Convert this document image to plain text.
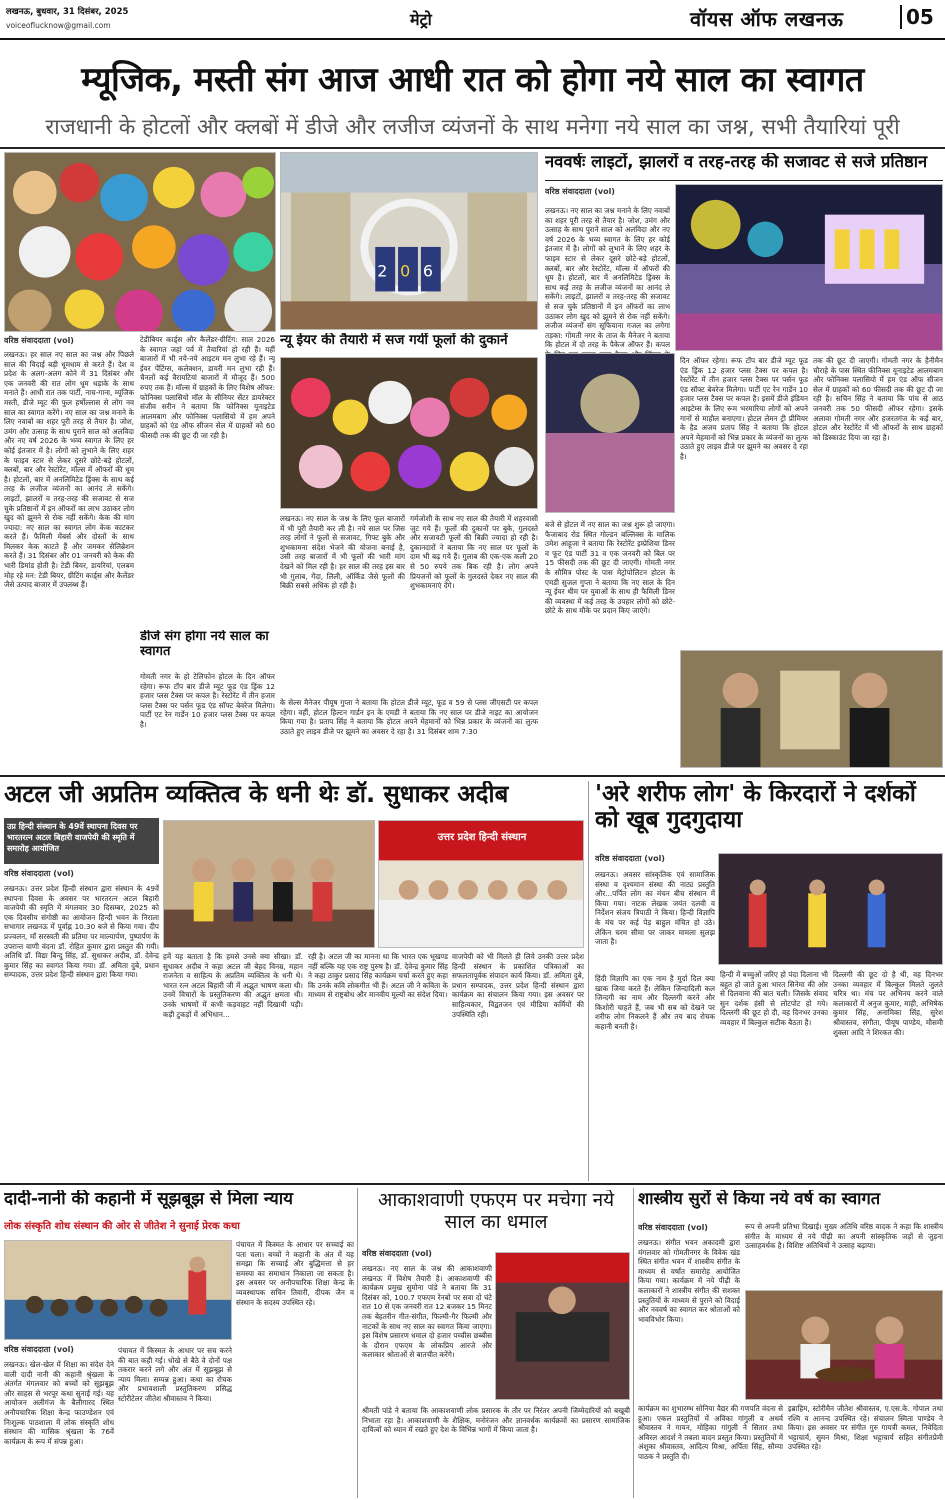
लखनऊ, बुधवार, 31 दिसंबर, 2025
voiceoflucknow@gmail.com	मेट्रो	वॉयस ऑफ लखनऊ	05
म्यूजिक, मस्ती संग आज आधी रात को होगा नये साल का स्वागत
राजधानी के होटलों और क्लबों में डीजे और लजीज व्यंजनों के साथ मनेगा नये साल का जश्न, सभी तैयारियां पूरी
2 0 6
नववर्षः लाइटों, झालरों व तरह-तरह की सजावट से सजे प्रतिष्ठान
वरिष्ठ संवाददाता (vol)
लखनऊ। नए साल का जश्न मनाने के लिए नवाबों का शहर पूरी तरह से तैयार है। जोश, उमंग और उत्साह के साथ पुराने साल को अलविदा और नए वर्ष 2026 के भव्य स्वागत के लिए हर कोई इंतजार में है। लोगों को लुभाने के लिए शहर के फाइव स्टार से लेकर दूसरे छोटे-बड़े होटलों, क्लबों, बार और रेस्टोरेंट, मॉल्स में ऑफरों की धूम है। होटलों, बार में अनलिमिटेड ड्रिंक्स के साथ कई तरह के लजीज व्यंजनों का आनंद ले सकेंगे। लाइटों, झालरों व तरह-तरह की सजावट से सज चुके प्रतिष्ठानों में इन ऑफरों का लाभ उठाकर लोग खुद को झूमने से रोक नहीं सकेंगे। लजीज व्यंजनों संग सूफियाना गजल का लगेगा तड़का: गोमती नगर के ताज के मैनेजर ने बताया कि होटल में दो तरह के पैकेज ऑफर हैं। कपल
दिन ऑफर रहेगा। रूफ टॉप बार डीजे म्यूट फूड एंड ड्रिंक 12 हजार प्लस टैक्स पर कपल है। रेस्टोरेंट में तीन हजार प्लस टैक्स पर पर्सन फूड एंड सॉफ्ट बेवरेज मिलेगा। पार्टी एट रेन गार्डेन 10 हजार प्लस टैक्स पर कपल है। इसमें डीजे इंडियन आइटेम्स के लिए रूम भरमारिया लोगों को अपने गानों से माहौल बनाएगा। होटल लेमन ट्री प्रीमियर के हैड अजय प्रताप सिंह ने बताया कि होटल अपने मेहमानों को भिन्न प्रकार के व्यंजनों का लुत्फ उठाते हुए लाइव डीजे पर झूमने का अवसर दे रहा है।
तक की छूट दी जाएगी। गोमती नगर के हैनीमैन चौराहे के पास स्थित फीनिक्स यूनाइटेड आलमबाग और फोनिक्स पलासियो में हम एंड ऑफ सीजन सेल में ग्राहकों को 60 फीसदी तक की छूट दी जा रही है। सचिन सिंह ने बताया कि पांच से आठ जनवरी तक 50 फीसदी ऑफर रहेगा। इसके अलावा गोमती नगर और हजरतगंज के कई बार, होटल और रेस्टोरेंट में भी ऑफरों के साथ ग्राहकों को डिस्काउंट दिया जा रहा है।
वरिष्ठ संवाददाता (vol)
लखनऊ। हर साल नए साल का जश्न और पिछले साल की विदाई बड़ी धूमधाम से करते हैं। देश व प्रदेश के अलग-अलग कोने में 31 दिसंबर और एक जनवरी की रात लोग धूम धड़ाके के साथ मनाते हैं। आधी रात तक पार्टी, नाच-गाना, म्यूजिक मस्ती, डीजे म्यूट की फुल हर्षोल्लास से लोग नव साल का स्वागत करेंगे। नए साल का जश्न मनाने के लिए नवाबों का शहर पूरी तरह से तैयार है। जोश, उमंग और उत्साह के साथ पुराने साल को अलविदा और नए वर्ष 2026 के भव्य स्वागत के लिए हर कोई इंतजार में है। लोगों को लुभाने के लिए शहर के फाइव स्टार से लेकर दूसरे छोटे-बड़े होटलों, क्लबों, बार और रेस्टोरेंट, मॉल्स में ऑफरों की धूम है। होटलों, बार में अनलिमिटेड ड्रिंक्स के साथ कई तरह के लजीज व्यंजनों का आनंद ले सकेंगे। लाइटों, झालरों व तरह-तरह की सजावट से सज चुके प्रतिष्ठानों में इन ऑफरों का लाभ उठाकर लोग खुद को झूमने से रोक नहीं सकेंगे। केक की मांग ज्यादा: नए साल का स्वागत लोग केक काटकर करते हैं। फैमिली मेंबर्स और दोस्तों के साथ मिलकर केक काटते हैं और जमकर सेलिब्रेशन करते हैं। 31 दिसंबर और 01 जनवरी को केक की भारी डिमांड होती है। टेडी बियर, डायरियां, एलबम मोह रहे मन: टेडी बियर, ग्रीटिंग कार्ड्स और कैलेंडर जैसे उत्पाद बाजार में उपलब्ध हैं।
टेडीबियर कार्ड्स और कैलेंडर-ग्रीटिंग: साल 2026 के स्वागत जहां पर्व में तैयारियां हो रही हैं। यहीं बाजारों में भी नये-नये आइटम मन लुभा रहे हैं। न्यू ईयर पेंटिंग्स, कलेक्शन, डायरी मन लुभा रही हैं। चैनलों कई वैरायटियां बाजारों में मौजूद हैं। 500 रुपए तक हैं। मॉल्स में ग्राहकों के लिए विशेष ऑफर: फोनिक्स पलासियो मॉल के सीनियर सेंटर डायरेक्टर संजीव सरीन ने बताया कि फोनिक्स यूनाइटेड आलमबाग और फोनिक्स पलासियो में हम अपने ग्राहकों को एंड ऑफ सीजन सेल में ग्राहकों को 60 फीसदी तक की छूट दी जा रही है।
डीजे संग होगा नये साल का स्वागत
गोमती नगर के हो टेलिफोन होटल के दिन ऑफर रहेगा। रूफ टॉप बार डीजे म्यूट फूड एंड ड्रिंक 12 हजार प्लस टैक्स पर कपल है। रेस्टोरेंट में तीन हजार प्लस टैक्स पर पर्सन फूड एंड सॉफ्ट बेवरेज मिलेगा। पार्टी एट रेन गार्डेन 10 हजार प्लस टैक्स पर कपल है।
न्यू ईयर की तैयारी में सज गयीं फूलों की दुकानें
लखनऊ। नए साल के जश्न के लिए फूल बाजारों में भी पूरी तैयारी कर ली है। नये साल पर जिस तरह लोगों ने फूलों से सजावट, गिफ्ट बुके और शुभकामना संदेश भेजने की योजना बनाई है, उसी तरह बाजारों में भी फूलों की भारी मांग देखने को मिल रही है। हर साल की तरह इस बार भी गुलाब, गेंदा, लिली, ऑर्किड जैसे फूलों की बिक्री सबसे अधिक हो रही है।
गर्मजोशी के साथ नए साल की तैयारी में शहरवासी जुट गये हैं। फूलों की दुकानों पर बुके, गुलदस्ते और सजावटी फूलों की बिक्री ज्यादा हो रही है। दुकानदारों ने बताया कि नए साल पर फूलों के दाम भी बढ़ गये हैं। गुलाब की एक-एक कली 20 से 50 रुपये तक बिक रही है। लोग अपने प्रियजनों को फूलों के गुलदस्ते देकर नए साल की शुभकामनाएं देंगे।
के सेल्स मैनेजर पीयूष गुप्ता ने बताया कि होटल डीजे म्यूट, फूड व 59 से प्लस जीएसटी पर कपल रहेगा। वहीं, होटल हिल्टन गार्डन इन के एमडी ने बताया कि नए साल पर डीजे नाइट का आयोजन किया गया है। प्रताप सिंह ने बताया कि होटल अपने मेहमानों को भिन्न प्रकार के व्यंजनों का लुत्फ उठाते हुए लाइव डीजे पर झूमने का अवसर दे रहा है। 31 दिसंबर शाम 7:30
बजे से होटल में नए साल का जश्न शुरू हो जाएगा। फैजाबाद रोड स्थित गोल्डन बल्लिक्स के मालिक उमेश आहूजा ने बताया कि रेस्टोरेंट इम्प्रेशिया डिनर व फूट एंड पार्टी 31 व एक जनवरी को बिल पर 15 फीसदी तक की छूट दी जाएगी। गोमती नगर के सौमित्र पोस्ट के पास मेट्रोपोलिटन होटल के एमडी सुजल गुप्ता ने बताया कि नए साल के दिन न्यू ईयर थीम पर युवाओं के साथ ही फैमिली डिनर की व्यवस्था में कई तरह के उपहार लोगों को छोटे-छोटे के साथ मौके पर प्रदान किए जाएंगे।
अटल जी अप्रतिम व्यक्तित्व के धनी थेः डॉ. सुधाकर अदीब
उप्र हिन्दी संस्थान के 49वें स्थापना दिवस पर भारतरत्न अटल बिहारी वाजपेयी की स्मृति में समारोह आयोजित
वरिष्ठ संवाददाता (vol)
लखनऊ। उत्तर प्रदेश हिन्दी संस्थान द्वारा संस्थान के 49वें स्थापना दिवस के अवसर पर भारतरत्न अटल बिहारी वाजपेयी की स्मृति में मंगलवार 30 दिसम्बर, 2025 को एक दिवसीय संगोष्ठी का आयोजन हिन्दी भवन के निराला सभागार लखनऊ में पूर्वाह्न 10.30 बजे से किया गया। दीप प्रज्वलन, माँ सरस्वती की प्रतिमा पर माल्यार्पण, पुष्पार्पण के उपरान्त वाणी वंदना डॉ. रोहित कुमार द्वारा प्रस्तुत की गयी। अतिथि डॉ. विद्या बिन्दु सिंह, डॉ. सुधाकर अदीब, डॉ. देवेन्द्र कुमार सिंह का स्वागत किया गया। डॉ. अमिता दुबे, प्रधान सम्पादक, उत्तर प्रदेश हिन्दी संस्थान द्वारा किया गया।
उत्तर प्रदेश हिन्दी संस्थान
हमें यह बताता है कि हमसे उनसे क्या सीखा। डॉ. सुधाकर अदीब ने कहा अटल जी बेहद विनम्र, महान राजनेता व साहित्य के अप्रतिम व्यक्तित्व के धनी थे। भारत रत्न अटल बिहारी जी में अद्भुत भाषण कला थी। उनमें विचारों के प्रस्तुतिकरण की अद्भुत क्षमता थी। उनके भाषणों में कभी कड़वाहट नहीं दिखायी पड़ी। कड़ी टुकड़ों में अभिधान...
रही है। अटल जी का मानना था कि भारत एक भूखण्ड नहीं बल्कि यह एक राष्ट्र पुरुष है। डॉ. देवेन्द्र कुमार सिंह ने कहा ठाकुर प्रसाद सिंह कार्यक्रम चर्चा करते हुए कहा कि उनके कवि लोकगीत भी हैं। अटल जी ने कविता के माध्यम से राष्ट्रबोध और मानवीय मूल्यों का संदेश दिया।
वाजपेयी को भी मिलते ही लिये उनकी उत्तर प्रदेश हिन्दी संस्थान के प्रकाशित पत्रिकाओं का सफलतापूर्वक संपादन कार्य किया। डॉ. अमिता दुबे, प्रधान सम्पादक, उत्तर प्रदेश हिन्दी संस्थान द्वारा कार्यक्रम का संचालन किया गया। इस अवसर पर साहित्यकार, विद्वतजन एवं मीडिया कर्मियों की उपस्थिति रही।
'अरे शरीफ लोग' के किरदारों ने दर्शकों को खूब गुदगुदाया
वरिष्ठ संवाददाता (vol)
लखनऊ। अवसर सांस्कृतिक एवं सामाजिक संस्था व दृश्यमान संस्था की नाट्य प्रस्तुति और...पर्पित लोग का मंचन बीच संस्थान में किया गया। नाटक लेखक जयंत दलवी व निर्देशन संजय त्रिपाठी ने किया। हिन्दी विज्ञापि के मंच पर कई पेड़ बाहुल मंचित हो उठे। लेकिन चरम सीमा पर जाकर मामला सुलझ जाता है।
हिंदी विज्ञापि का एक नाम है मुर्दा दिल क्या खाक जिया करते हैं। लेकिन जिन्दादिली कल जिन्दगी का नाम और दिल्लगी करने और किशोरी चाहते हैं, जब भी सब को देखने पर शरीफ लोग निकलने हैं और तय बाद रोचक कहानी बनती है।
हिन्दी में बच्चुओं जरिए हो पंदा दिलाना भी बहुत हो जाते हुआ भारत सिनेमा की ओर से दिलवाना की बात चली। जिसके संवाद सुन दर्शक हंसी से लोटपोट हो गये। दिल्लगी की छूट हो दी, वह दिनभर उनका व्यवहार में बिल्कुल सटीक बैठता है।
दिल्लगी की छूट दो है थी, वह दिनभर उनका व्यवहार में बिल्कुल मिलते जुलते चरित्र था। मंच पर अभिनय करने वाले कलाकारों में अनुज कुमार, माही, अभिषेक कुमार सिंह, अनामिका सिंह, सुरेश श्रीवास्तव, संगीता, पीयूष पाण्डेय, मौसमी शुक्ला आदि ने शिरकत की।
दादी-नानी की कहानी में सूझबूझ से मिला न्याय
लोक संस्कृति शोध संस्थान की ओर से जीतेश ने सुनाई प्रेरक कथा
वरिष्ठ संवाददाता (vol)
लखनऊ। खेल-खेल में शिक्षा का संदेश देने वाली दादी नानी की कहानी श्रृंखला के अंतर्गत मंगलवार को बच्चों को सूझबूझ और साहस से भरपूर कथा सुनाई गई। यह आयोजन अलीगंज के बैलीगारद स्थित अनौपचारिक शिक्षा केन्द्र फाउण्डेशन एवं निःशुल्क पाठशाला में लोक संस्कृति शोध संस्थान की मासिक श्रृंखला के 76वें कार्यक्रम के रूप में संपन्न हुआ।
पंचायत में किस्मत के आधार पर सच करने की बात कही गई। धोखे से बैठे वे दोनों पक्ष तकरार करने लगे और अंत में सूझबूझ से न्याय मिला। सम्पन्न हुआ। कथा का रोचक और प्रभावशाली प्रस्तुतिकरण प्रसिद्ध स्टोरीटेलर जीतेश श्रीवास्तव ने किया।
पंचायत में किस्मत के आधार पर सच्चाई का पता चला। बच्चों ने कहानी के अंत में यह समझा कि सच्चाई और बुद्धिमत्ता से हर समस्या का समाधान निकाला जा सकता है। इस अवसर पर अनौपचारिक शिक्षा केन्द्र के व्यवस्थापक सचिन तिवारी, दीपक जैन व संस्थान के सदस्य उपस्थित रहे।
आकाशवाणी एफएम पर मचेगा नये साल का धमाल
वरिष्ठ संवाददाता (vol)
लखनऊ। नए साल के जश्न की आकाशवाणी लखनऊ में विशेष तैयारी है। आकाशवाणी की कार्यक्रम प्रमुख सुमोना पांडे ने बताया कि 31 दिसंबर को, 100.7 एफएम रेनबो पर सवा दो घंटे रात 10 से एक जनवरी रात 12 बजकर 15 मिनट तक बेहतरीन गीत-संगीत, फिल्मी-गैर फिल्मी और नाटकों के साथ नए साल का स्वागत किया जाएगा। इस विशेष प्रसारण धमाल दो हजार पच्चीस छब्बीस के दौरान एफएम के लोकप्रिय आरजे और कलाकार श्रोताओं से बातचीत करेंगे।
श्रीमती पांडे ने बताया कि आकाशवाणी लोक प्रसारक के तौर पर निरंतर अपनी जिम्मेदारियों को बखूबी निभाता रहा है। आकाशवाणी के शैक्षिक, मनोरंजन और ज्ञानवर्धक कार्यक्रमों का प्रसारण सामाजिक दायित्वों को ध्यान में रखते हुए देश के विभिन्न भागों में किया जाता है।
शास्त्रीय सुरों से किया नये वर्ष का स्वागत
वरिष्ठ संवाददाता (vol)
लखनऊ। संगीत भवन अकादमी द्वारा मंगलवार को गोमतीनगर के विवेक खंड स्थित संगीत भवन में शास्त्रीय संगीत के माध्यम से वर्षांत समारोह आयोजित किया गया। कार्यक्रम में नये पीढ़ी के कलाकारों ने शास्त्रीय संगीत की सशक्त प्रस्तुतियों के माध्यम से पुराने को विदाई और नववर्ष का स्वागत कर श्रोताओं को भावविभोर किया।
रूप से अपनी प्रतिभा दिखाई। मुख्य अतिथि वरिष्ठ वादक ने कहा कि शास्त्रीय संगीत के माध्यम से नये पीढ़ी का अपनी सांस्कृतिक जड़ों से जुड़ना उत्साहवर्धक है। विशिष्ट अतिथियों ने उत्साह बढ़ाया।
कार्यक्रम का शुभारम्भ सोनिया वैद्यर की गणपति वंदना से हुआ। एकल प्रस्तुतियों में अविका गांगुली व अथर्व श्रीवास्तव ने गायन, मोहिका गांगुली ने सितार तथा अविरल आदर्श ने तबला वादन प्रस्तुत किया। प्रस्तुतियों में अंशुका श्रीवास्तव, आदित्य मिश्रा, अर्पिता सिंह, सौम्या पाठक ने प्रस्तुति दी।
इब्राहिम, स्टोरीमैन जीतेश श्रीवास्तव, ए.एस.के. गोपाल तथा रश्मि व आनन्द उपस्थित रहे। संचालन स्मिता पाण्डेय ने किया। इस अवसर पर संगीत गुरु गायत्री कमल, निवेदिता भट्टाचार्य, सुमन मिश्रा, शिक्षा भट्टाचार्य सहित संगीतप्रेमी उपस्थित रहे।
